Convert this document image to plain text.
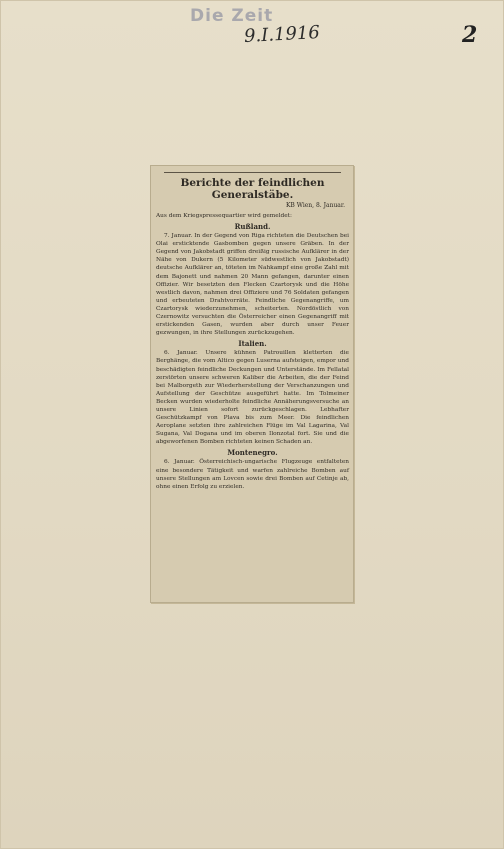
Die Zeit
9.I.1916	2
Berichte der feindlichen Generalstäbe.
KB Wien, 8. Januar.

Aus dem Kriegspressequartier wird gemeldet:

Rußland.

7. Januar. In der Gegend von Riga richteten die Deutschen bei Olai ersticktende Gasbomben gegen unsere Gräben. In der Gegend von Jakobstadt griffen dreißig russische Aufklärer in der Nähe von Dukern (5 Kilometer südwestlich von Jakobstadt) deutsche Aufklärer an, töteten im Nahkampf eine große Zahl mit dem Bajonett und nahmen 20 Mann gefangen, darunter einen Offizier. Wir besetzten den Flecken Czartorysk und die Höhe westlich davon, nahmen drei Offiziere und 76 Soldaten gefangen und erbeuteten Drahtvorräte. Feindliche Gegenangriffe, um Czartorysk wiederzunehmen, scheiterten. Nordöstlich von Czernowitz versuchten die Österreicher einen Gegenangriff mit erstickenden Gasen, wurden aber durch unser Feuer gezwungen, in ihre Stellungen zurückzugehen.

Italien.

6. Januar. Unsere kühnen Patrouillen kletterten die Berghänge, die vom Altico gegen Luserna aufsteigen, empor und beschädigten feindliche Deckungen und Unterstände. Im Fellatal zerstörten unsere schweren Kaliber die Arbeiten, die der Feind bei Malborgeth zur Wiederherstellung der Verschanzungen und Aufstellung der Geschütze ausgeführt hatte. Im Tolmeiner Becken wurden wiederholte feindliche Annäherungsversuche an unsere Linien sofort zurückgeschlagen. Lebhafter Geschützkampf von Plava bis zum Meer. Die feindlichen Aeroplane setzten ihre zahlreichen Flüge im Val Lagarina, Val Sugana, Val Dogana und im oberen Ilonzotal fort. Sie und die abgeworfenen Bomben richteten keinen Schaden an.

Montenegro.

6. Januar. Österreichisch-ungarische Flugzeuge entfalteten eine besondere Tätigkeit und warfen zahlreiche Bomben auf unsere Stellungen am Lovcen sowie drei Bomben auf Cetinje ab, ohne einen Erfolg zu erzielen.
